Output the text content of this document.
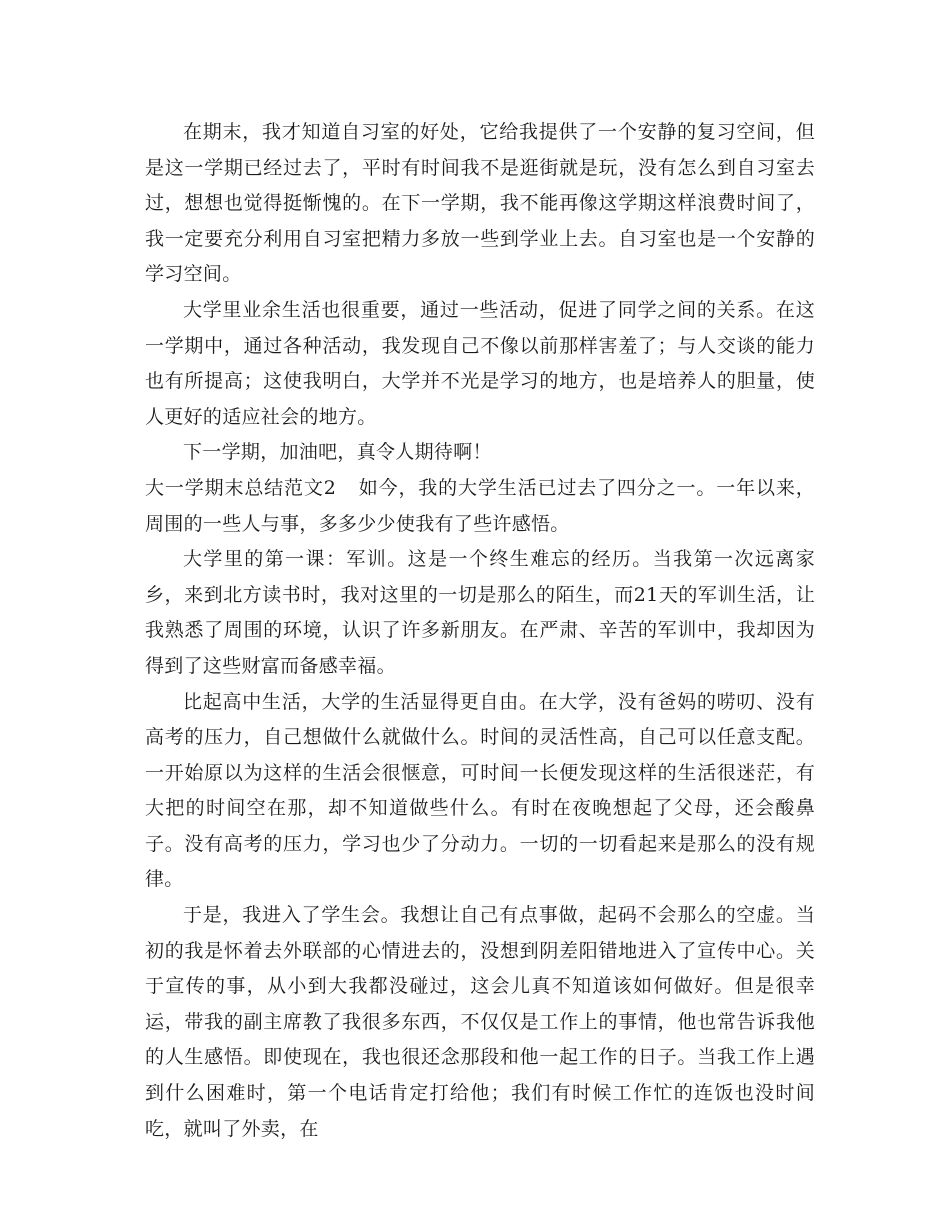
在期末，我才知道自习室的好处，它给我提供了一个安静的复习空间，但是这一学期已经过去了，平时有时间我不是逛街就是玩，没有怎么到自习室去过，想想也觉得挺惭愧的。在下一学期，我不能再像这学期这样浪费时间了，我一定要充分利用自习室把精力多放一些到学业上去。自习室也是一个安静的学习空间。

大学里业余生活也很重要，通过一些活动，促进了同学之间的关系。在这一学期中，通过各种活动，我发现自己不像以前那样害羞了；与人交谈的能力也有所提高；这使我明白，大学并不光是学习的地方，也是培养人的胆量，使人更好的适应社会的地方。

下一学期，加油吧，真令人期待啊！

大一学期末总结范文2 如今，我的大学生活已过去了四分之一。一年以来，周围的一些人与事，多多少少使我有了些许感悟。

大学里的第一课：军训。这是一个终生难忘的经历。当我第一次远离家乡，来到北方读书时，我对这里的一切是那么的陌生，而21天的军训生活，让我熟悉了周围的环境，认识了许多新朋友。在严肃、辛苦的军训中，我却因为得到了这些财富而备感幸福。

比起高中生活，大学的生活显得更自由。在大学，没有爸妈的唠叨、没有高考的压力，自己想做什么就做什么。时间的灵活性高，自己可以任意支配。一开始原以为这样的生活会很惬意，可时间一长便发现这样的生活很迷茫，有大把的时间空在那，却不知道做些什么。有时在夜晚想起了父母，还会酸鼻子。没有高考的压力，学习也少了分动力。一切的一切看起来是那么的没有规律。

于是，我进入了学生会。我想让自己有点事做，起码不会那么的空虚。当初的我是怀着去外联部的心情进去的，没想到阴差阳错地进入了宣传中心。关于宣传的事，从小到大我都没碰过，这会儿真不知道该如何做好。但是很幸运，带我的副主席教了我很多东西，不仅仅是工作上的事情，他也常告诉我他的人生感悟。即使现在，我也很还念那段和他一起工作的日子。当我工作上遇到什么困难时，第一个电话肯定打给他；我们有时候工作忙的连饭也没时间吃，就叫了外卖，在
